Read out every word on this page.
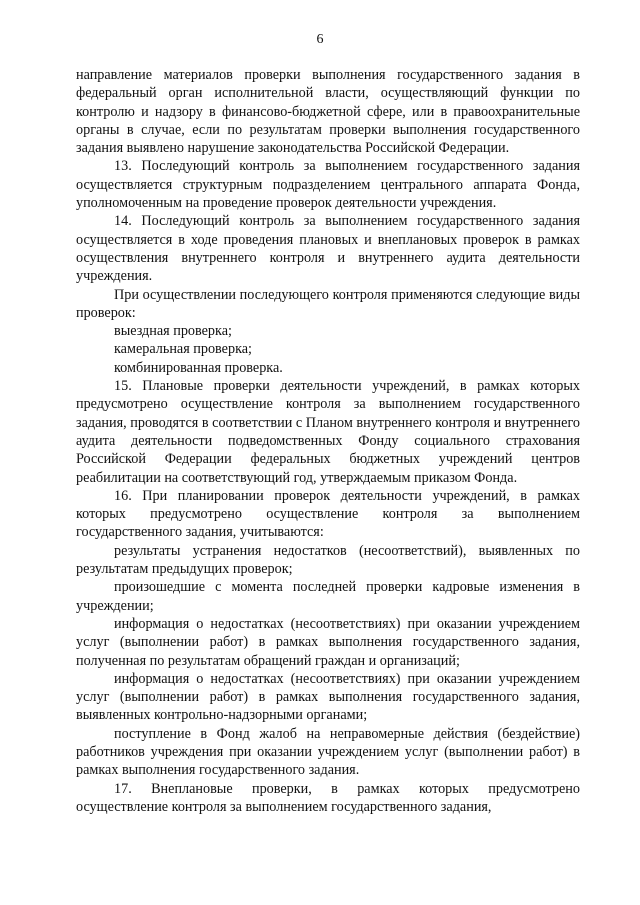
6

направление материалов проверки выполнения государственного задания в федеральный орган исполнительной власти, осуществляющий функции по контролю и надзору в финансово-бюджетной сфере, или в правоохранительные органы в случае, если по результатам проверки выполнения государственного задания выявлено нарушение законодательства Российской Федерации.

13. Последующий контроль за выполнением государственного задания осуществляется структурным подразделением центрального аппарата Фонда, уполномоченным на проведение проверок деятельности учреждения.

14. Последующий контроль за выполнением государственного задания осуществляется в ходе проведения плановых и внеплановых проверок в рамках осуществления внутреннего контроля и внутреннего аудита деятельности учреждения.

При осуществлении последующего контроля применяются следующие виды проверок:

выездная проверка;

камеральная проверка;

комбинированная проверка.

15. Плановые проверки деятельности учреждений, в рамках которых предусмотрено осуществление контроля за выполнением государственного задания, проводятся в соответствии с Планом внутреннего контроля и внутреннего аудита деятельности подведомственных Фонду социального страхования Российской Федерации федеральных бюджетных учреждений центров реабилитации на соответствующий год, утверждаемым приказом Фонда.

16. При планировании проверок деятельности учреждений, в рамках которых предусмотрено осуществление контроля за выполнением государственного задания, учитываются:

результаты устранения недостатков (несоответствий), выявленных по результатам предыдущих проверок;

произошедшие с момента последней проверки кадровые изменения в учреждении;

информация о недостатках (несоответствиях) при оказании учреждением услуг (выполнении работ) в рамках выполнения государственного задания, полученная по результатам обращений граждан и организаций;

информация о недостатках (несоответствиях) при оказании учреждением услуг (выполнении работ) в рамках выполнения государственного задания, выявленных контрольно-надзорными органами;

поступление в Фонд жалоб на неправомерные действия (бездействие) работников учреждения при оказании учреждением услуг (выполнении работ) в рамках выполнения государственного задания.

17. Внеплановые проверки, в рамках которых предусмотрено осуществление контроля за выполнением государственного задания,
